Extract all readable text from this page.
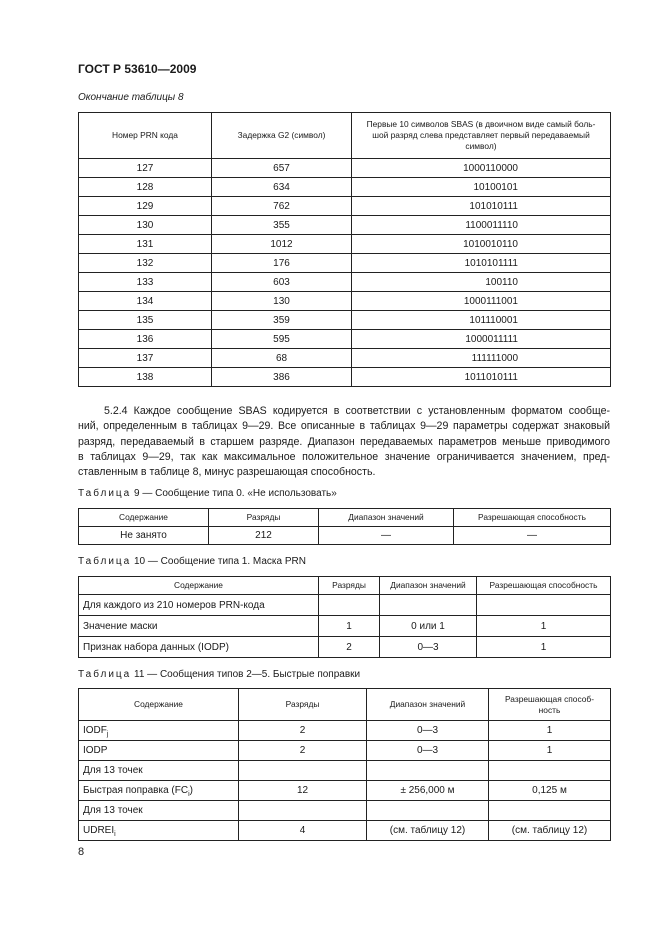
ГОСТ Р 53610—2009
Окончание таблицы 8
Номер PRN кода	Задержка G2 (символ)	Первые 10 символов SBAS (в двоичном виде самый боль-
шой разряд слева представляет первый передаваемый
символ)
127	657	1000110000
128	634	10100101
129	762	101010111
130	355	1100011110
131	1012	1010010110
132	176	1010101111
133	603	100110
134	130	1000111001
135	359	101110001
136	595	1000011111
137	68	111111000
138	386	1011010111
5.2.4 Каждое сообщение SBAS кодируется в соответствии с установленным форматом сообще-
ний, определенным в таблицах 9—29. Все описанные в таблицах 9—29 параметры содержат знаковый
разряд, передаваемый в старшем разряде. Диапазон передаваемых параметров меньше приводимого
в таблицах 9—29, так как максимальное положительное значение ограничивается значением, пред-
ставленным в таблице 8, минус разрешающая способность.
Таблица 9 — Сообщение типа 0. «Не использовать»
Содержание	Разряды	Диапазон значений	Разрешающая способность
Не занято	212	—	—
Таблица 10 — Сообщение типа 1. Маска PRN
Содержание	Разряды	Диапазон значений	Разрешающая способность
Для каждого из 210 номеров PRN-кода			
Значение маски	1	0 или 1	1
Признак набора данных (IODP)	2	0—3	1
Таблица 11 — Сообщения типов 2—5. Быстрые поправки
Содержание	Разряды	Диапазон значений	Разрешающая способ-
ность
$IODF_j$	2	0—3	1
IODP	2	0—3	1
Для 13 точек			
Быстрая поправка $(FC_i)$	12	± 256,000 м	0,125 м
Для 13 точек			
$UDREI_i$	4	(см. таблицу 12)	(см. таблицу 12)
8
